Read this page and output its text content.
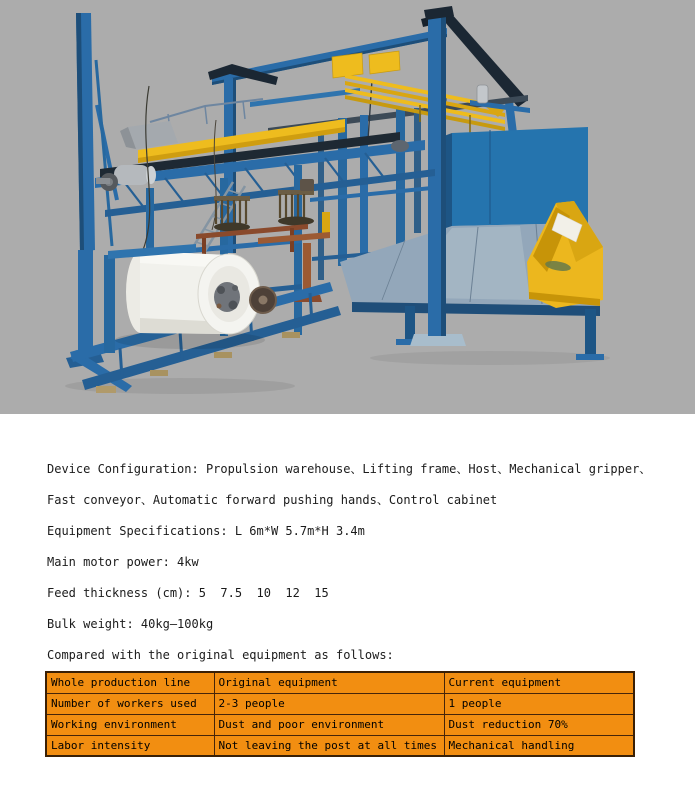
Device Configuration: Propulsion warehouse、Lifting frame、Host、Mechanical gripper、

Fast conveyor、Automatic forward pushing hands、Control cabinet

Equipment Specifications: L 6m*W 5.7m*H 3.4m

Main motor power: 4kw

Feed thickness (cm): 5  7.5  10  12  15

Bulk weight: 40kg—100kg

Compared with the original equipment as follows:

Whole production line	Original equipment	Current equipment
Number of workers used	2-3 people	1 people
Working environment	Dust and poor environment	Dust reduction 70%
Labor intensity	Not leaving the post at all times	Mechanical handling
